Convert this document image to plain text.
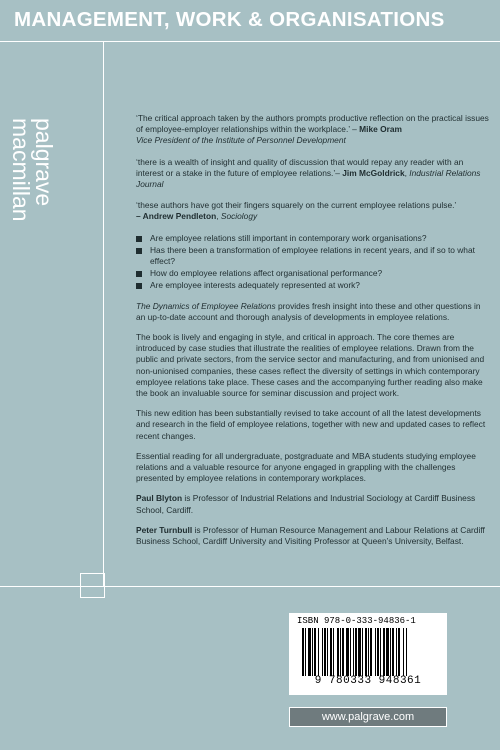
MANAGEMENT, WORK & ORGANISATIONS
palgrave
macmillan	‘The critical approach taken by the authors prompts productive reflection on the practical issues of employee-employer relationships within the workplace.’ – Mike Oram
Vice President of the Institute of Personnel Development

‘there is a wealth of insight and quality of discussion that would repay any reader with an interest or a stake in the future of employee relations.’– Jim McGoldrick, Industrial Relations Journal

‘these authors have got their fingers squarely on the current employee relations pulse.’
– Andrew Pendleton, Sociology

Are employee relations still important in contemporary work organisations?
Has there been a transformation of employee relations in recent years, and if so to what effect?
How do employee relations affect organisational performance?
Are employee interests adequately represented at work?

The Dynamics of Employee Relations provides fresh insight into these and other questions in an up-to-date account and thorough analysis of developments in employee relations.

The book is lively and engaging in style, and critical in approach. The core themes are introduced by case studies that illustrate the realities of employee relations. Drawn from the public and private sectors, from the service sector and manufacturing, and from unionised and non-unionised companies, these cases reflect the diversity of settings in which contemporary employee relations take place. These cases and the accompanying further reading also make the book an invaluable source for seminar discussion and project work.

This new edition has been substantially revised to take account of all the latest developments and research in the field of employee relations, together with new and updated cases to reflect recent changes.

Essential reading for all undergraduate, postgraduate and MBA students studying employee relations and a valuable resource for anyone engaged in grappling with the challenges presented by employee relations in contemporary workplaces.

Paul Blyton is Professor of Industrial Relations and Industrial Sociology at Cardiff Business School, Cardiff.

Peter Turnbull is Professor of Human Resource Management and Labour Relations at Cardiff Business School, Cardiff University and Visiting Professor at Queen’s University, Belfast.

ISBN 978-0-333-94836-1
9 780333 948361
www.palgrave.com
